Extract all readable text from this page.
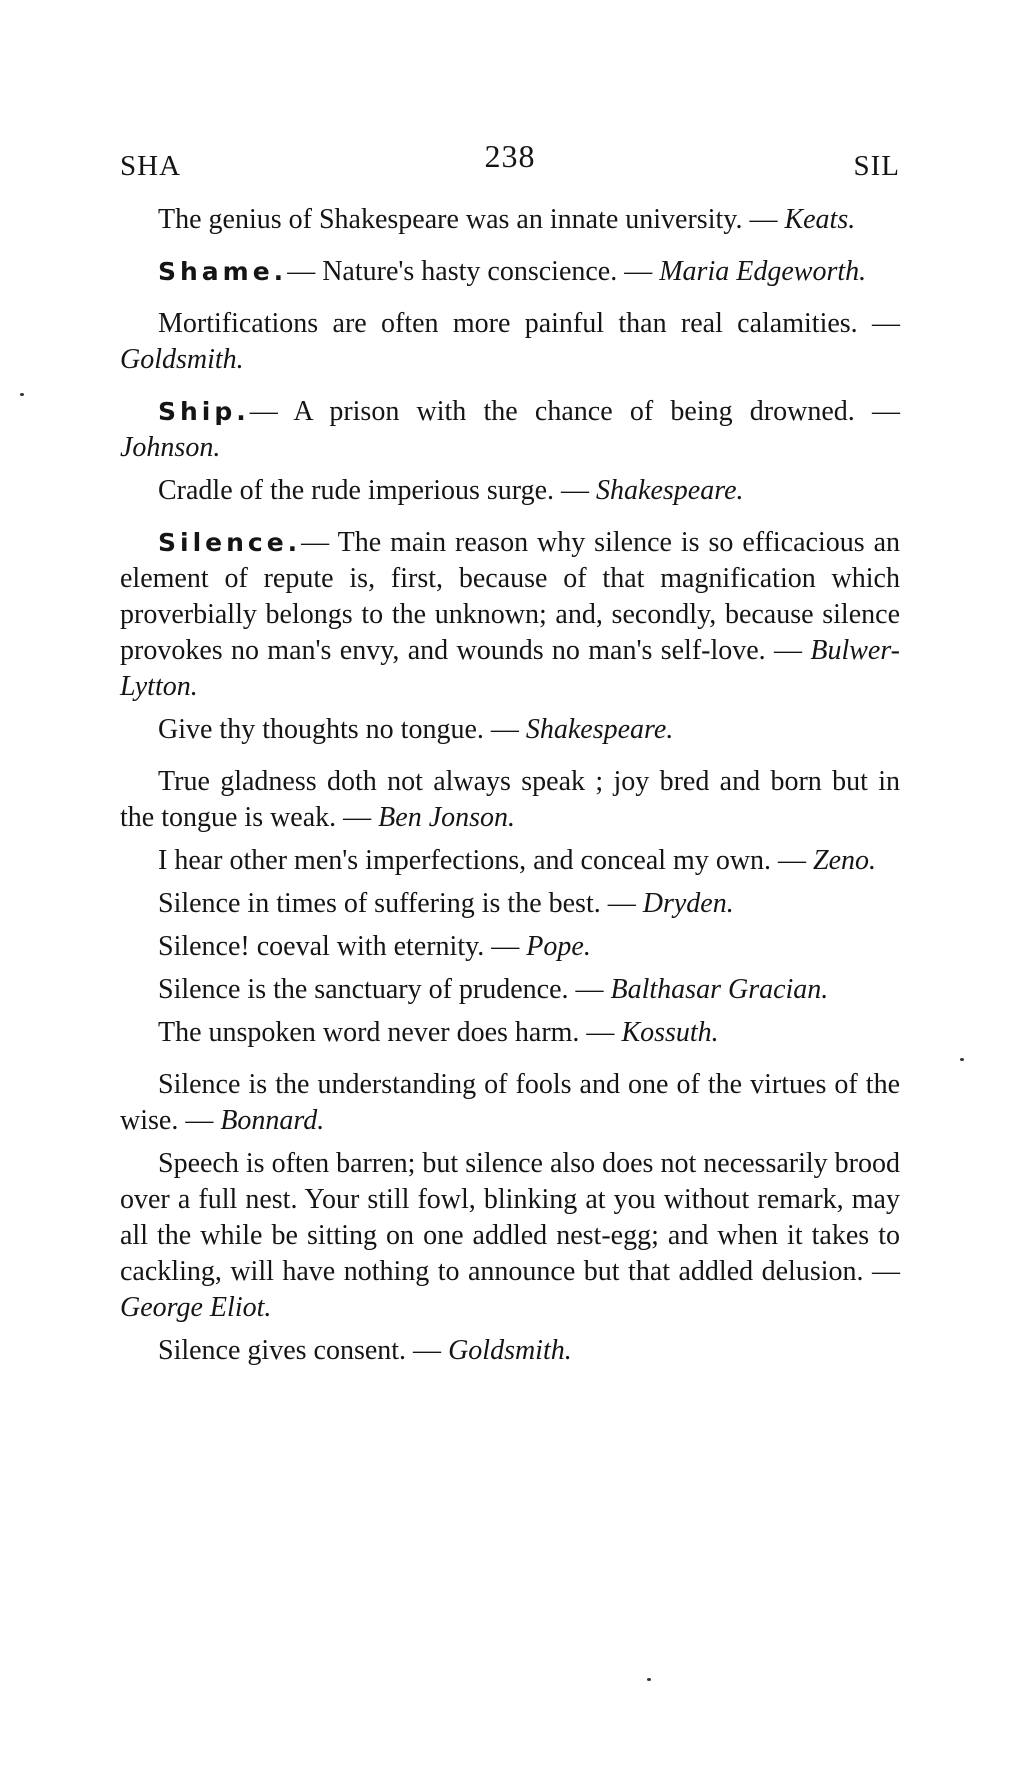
SHA	238	SIL

The genius of Shakespeare was an innate university. — Keats.

Shame.— Nature's hasty conscience. — Maria Edgeworth.

Mortifications are often more painful than real calamities. — Goldsmith.

Ship.— A prison with the chance of being drowned. — Johnson.

Cradle of the rude imperious surge. — Shakespeare.

Silence.— The main reason why silence is so efficacious an element of repute is, first, because of that magnification which proverbially belongs to the unknown; and, secondly, because silence provokes no man's envy, and wounds no man's self-love. — Bulwer-Lytton.

Give thy thoughts no tongue. — Shakespeare.

True gladness doth not always speak ; joy bred and born but in the tongue is weak. — Ben Jonson.

I hear other men's imperfections, and conceal my own. — Zeno.

Silence in times of suffering is the best. — Dryden.

Silence! coeval with eternity. — Pope.

Silence is the sanctuary of prudence. — Balthasar Gracian.

The unspoken word never does harm. — Kossuth.

Silence is the understanding of fools and one of the virtues of the wise. — Bonnard.

Speech is often barren; but silence also does not necessarily brood over a full nest. Your still fowl, blinking at you without remark, may all the while be sitting on one addled nest-egg; and when it takes to cackling, will have nothing to announce but that addled delusion. — George Eliot.

Silence gives consent. — Goldsmith.
